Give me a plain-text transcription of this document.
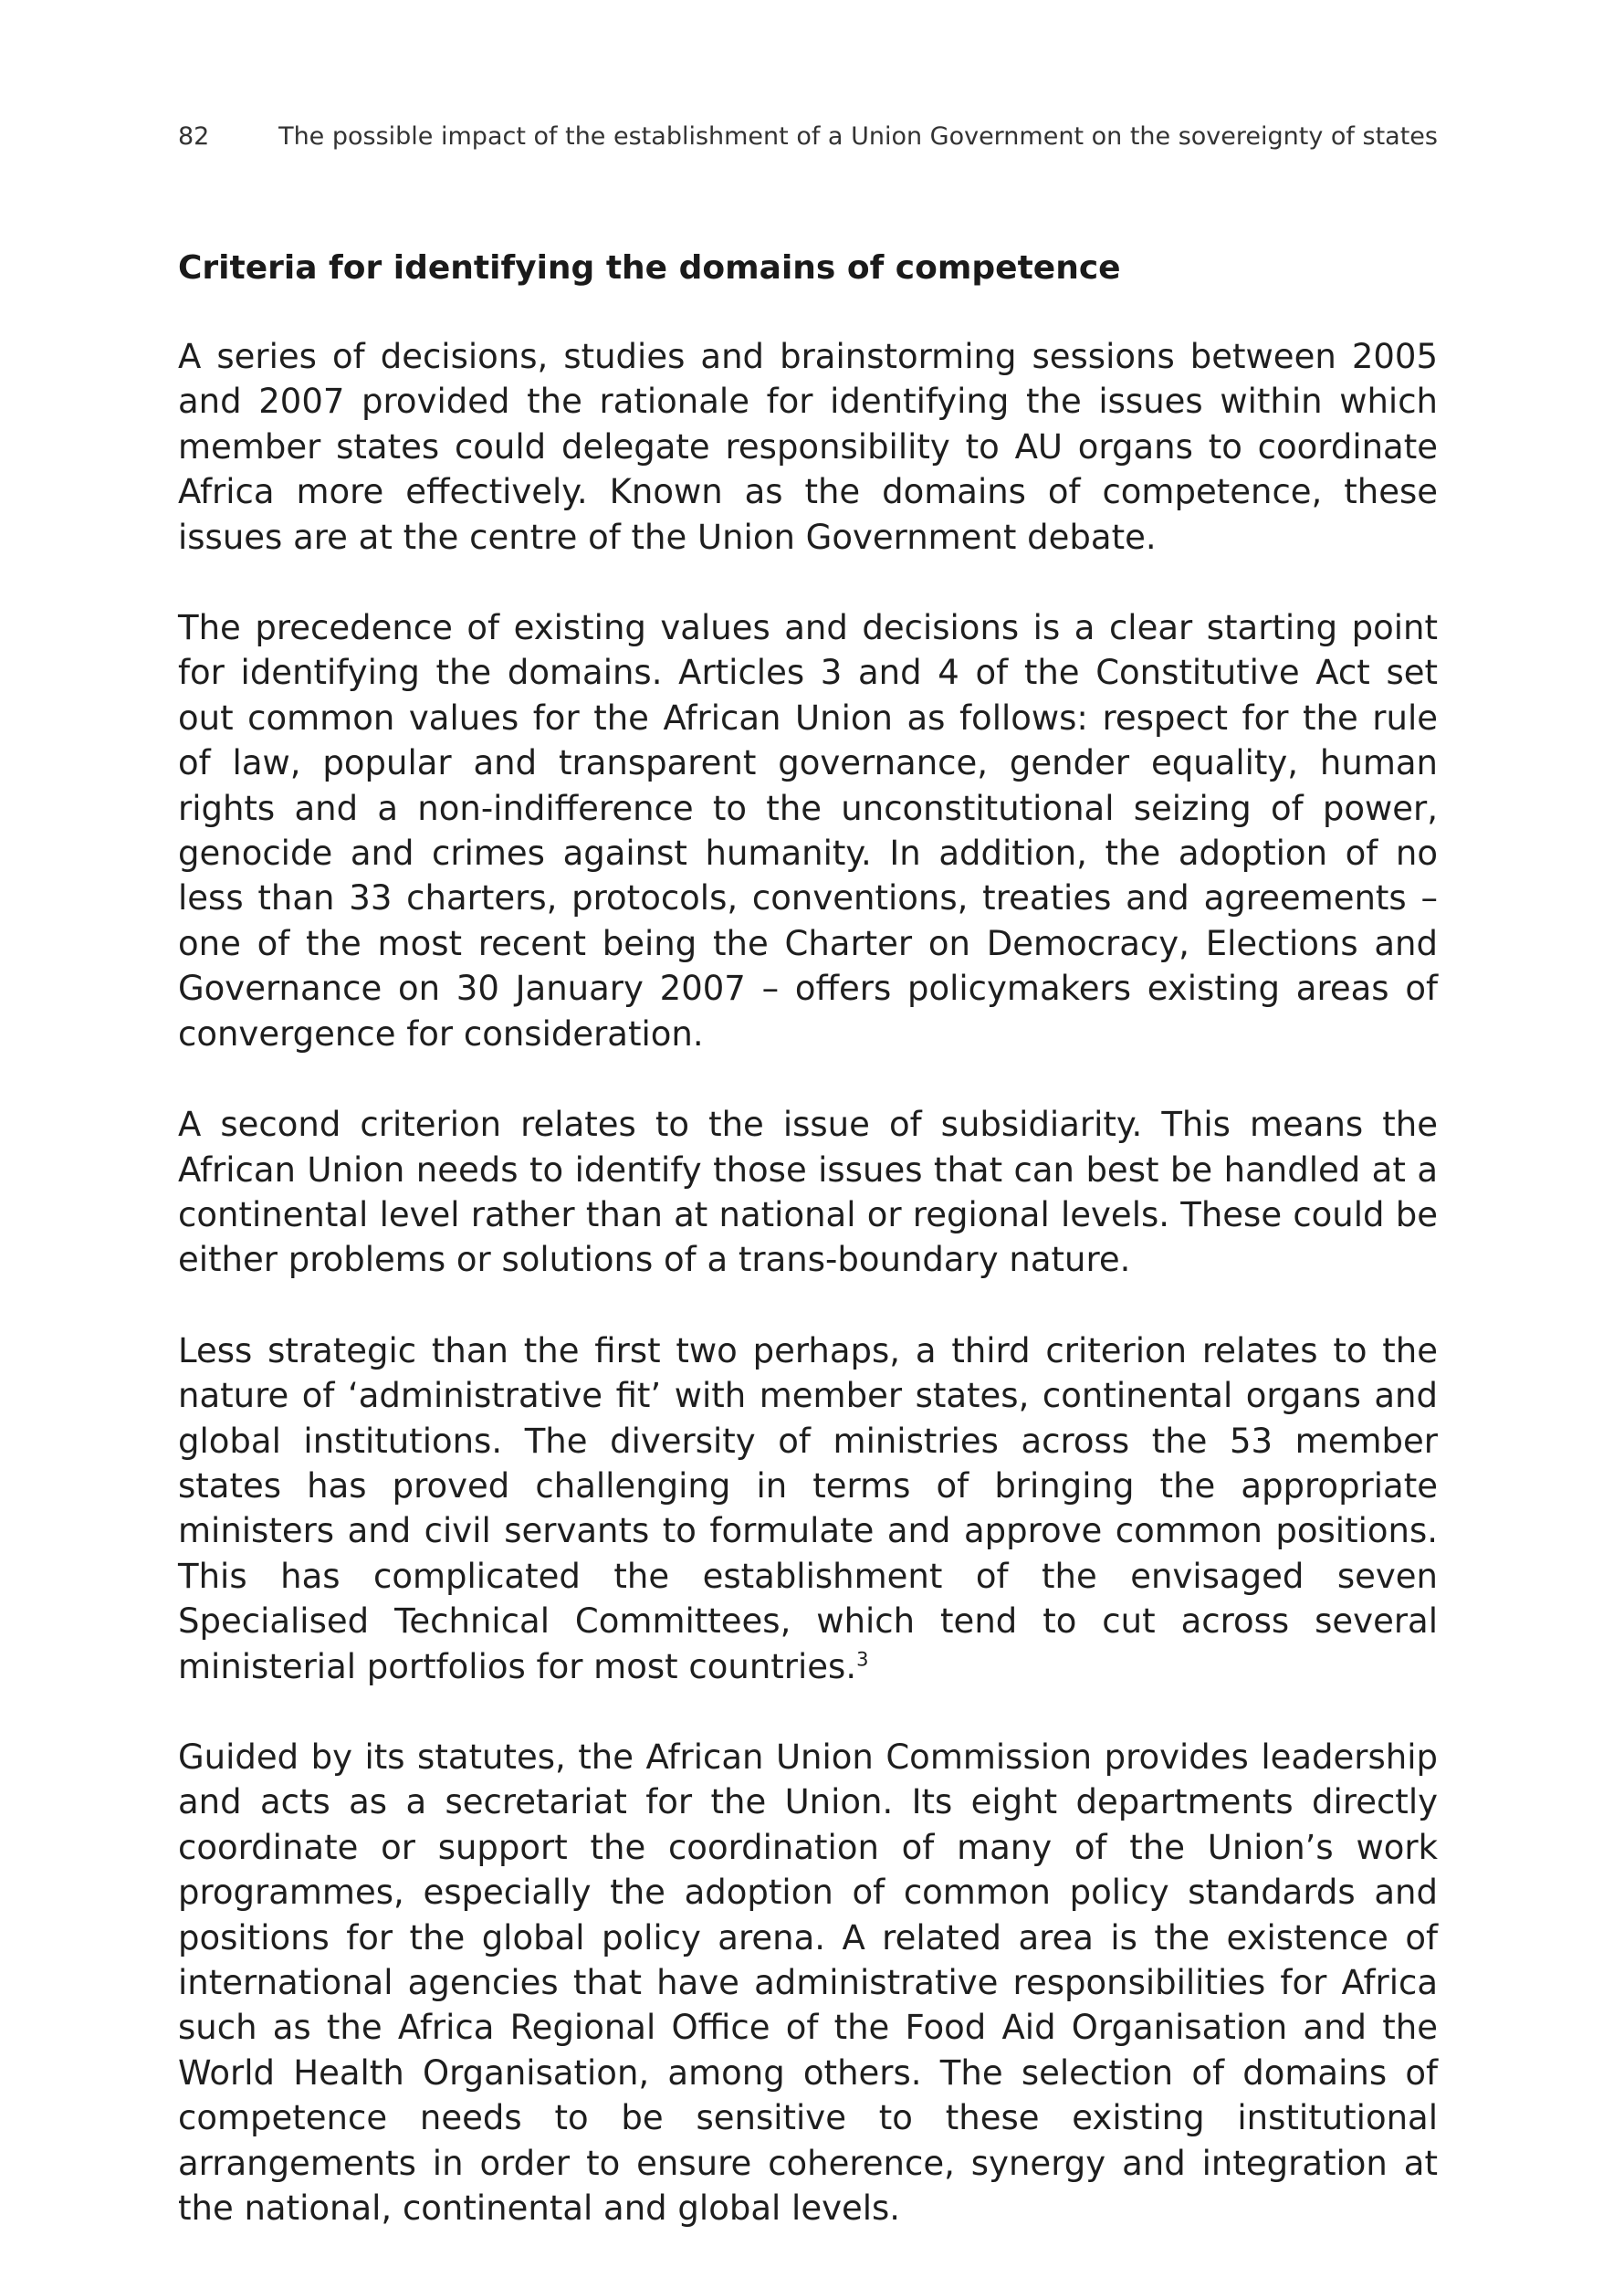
82	The possible impact of the establishment of a Union Government on the sovereignty of states
Criteria for identifying the domains of competence

A series of decisions, studies and brainstorming sessions between 2005 and 2007 provided the rationale for identifying the issues within which member states could delegate responsibility to AU organs to coordinate Africa more effectively. Known as the domains of competence, these issues are at the centre of the Union Government debate.

The precedence of existing values and decisions is a clear starting point for identifying the domains. Articles 3 and 4 of the Constitutive Act set out common values for the African Union as follows: respect for the rule of law, popular and transparent governance, gender equality, human rights and a non-indifference to the unconstitutional seizing of power, genocide and crimes against humanity. In addition, the adoption of no less than 33 charters, protocols, conventions, treaties and agreements – one of the most recent being the Charter on Democracy, Elections and Governance on 30 January 2007 – offers policymakers existing areas of convergence for consideration.

A second criterion relates to the issue of subsidiarity. This means the African Union needs to identify those issues that can best be handled at a continental level rather than at national or regional levels. These could be either problems or solutions of a trans-boundary nature.

Less strategic than the first two perhaps, a third criterion relates to the nature of ‘administrative fit’ with member states, continental organs and global institutions. The diversity of ministries across the 53 member states has proved challenging in terms of bringing the appropriate ministers and civil servants to formulate and approve common positions. This has complicated the establishment of the envisaged seven Specialised Technical Committees, which tend to cut across several ministerial portfolios for most countries.$^3$

Guided by its statutes, the African Union Commission provides leadership and acts as a secretariat for the Union. Its eight departments directly coordinate or support the coordination of many of the Union’s work programmes, especially the adoption of common policy standards and positions for the global policy arena. A related area is the existence of international agencies that have administrative responsibilities for Africa such as the Africa Regional Office of the Food Aid Organisation and the World Health Organisation, among others. The selection of domains of competence needs to be sensitive to these existing institutional arrangements in order to ensure coherence, synergy and integration at the national, continental and global levels.
